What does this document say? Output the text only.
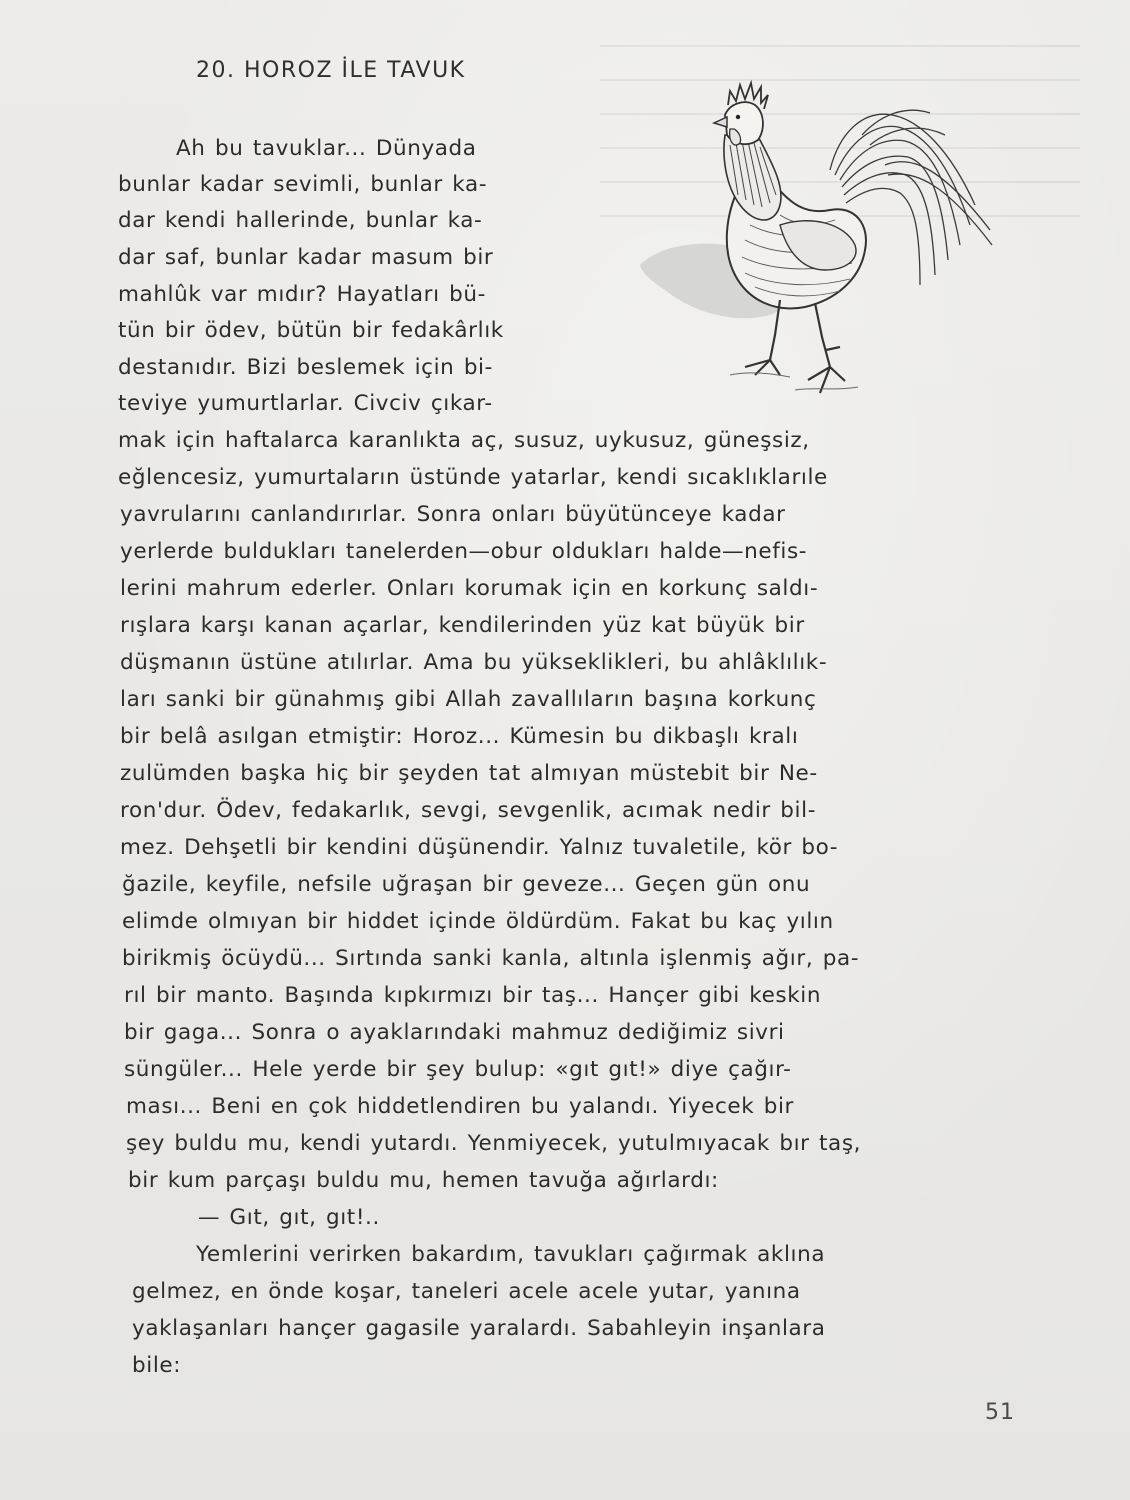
20. HOROZ İLE TAVUK
Ah bu tavuklar... Dünyada
bunlar kadar sevimli, bunlar ka-
dar kendi hallerinde, bunlar ka-
dar saf, bunlar kadar masum bir
mahlûk var mıdır? Hayatları bü-
tün bir ödev, bütün bir fedakârlık
destanıdır. Bizi beslemek için bi-
teviye yumurtlarlar. Civciv çıkar-
mak için haftalarca karanlıkta aç, susuz, uykusuz, güneşsiz,
eğlencesiz, yumurtaların üstünde yatarlar, kendi sıcaklıklarıle
yavrularını canlandırırlar. Sonra onları büyütünceye kadar
yerlerde buldukları tanelerden—obur oldukları halde—nefis-
lerini mahrum ederler. Onları korumak için en korkunç saldı-
rışlara karşı kanan açarlar, kendilerinden yüz kat büyük bir
düşmanın üstüne atılırlar. Ama bu yükseklikleri, bu ahlâklılık-
ları sanki bir günahmış gibi Allah zavallıların başına korkunç
bir belâ asılgan etmiştir: Horoz... Kümesin bu dikbaşlı kralı
zulümden başka hiç bir şeyden tat almıyan müstebit bir Ne-
ron'dur. Ödev, fedakarlık, sevgi, sevgenlik, acımak nedir bil-
mez. Dehşetli bir kendini düşünendir. Yalnız tuvaletile, kör bo-
ğazile, keyfile, nefsile uğraşan bir geveze... Geçen gün onu
elimde olmıyan bir hiddet içinde öldürdüm. Fakat bu kaç yılın
birikmiş öcüydü... Sırtında sanki kanla, altınla işlenmiş ağır, pa-
rıl bir manto. Başında kıpkırmızı bir taş... Hançer gibi keskin
bir gaga... Sonra o ayaklarındaki mahmuz dediğimiz sivri
süngüler... Hele yerde bir şey bulup: «gıt gıt!» diye çağır-
ması... Beni en çok hiddetlendiren bu yalandı. Yiyecek bir
şey buldu mu, kendi yutardı. Yenmiyecek, yutulmıyacak bır taş,
bir kum parçaşı buldu mu, hemen tavuğa ağırlardı:
— Gıt, gıt, gıt!..
Yemlerini verirken bakardım, tavukları çağırmak aklına
gelmez, en önde koşar, taneleri acele acele yutar, yanına
yaklaşanları hançer gagasile yaralardı. Sabahleyin inşanlara
bile:
51
